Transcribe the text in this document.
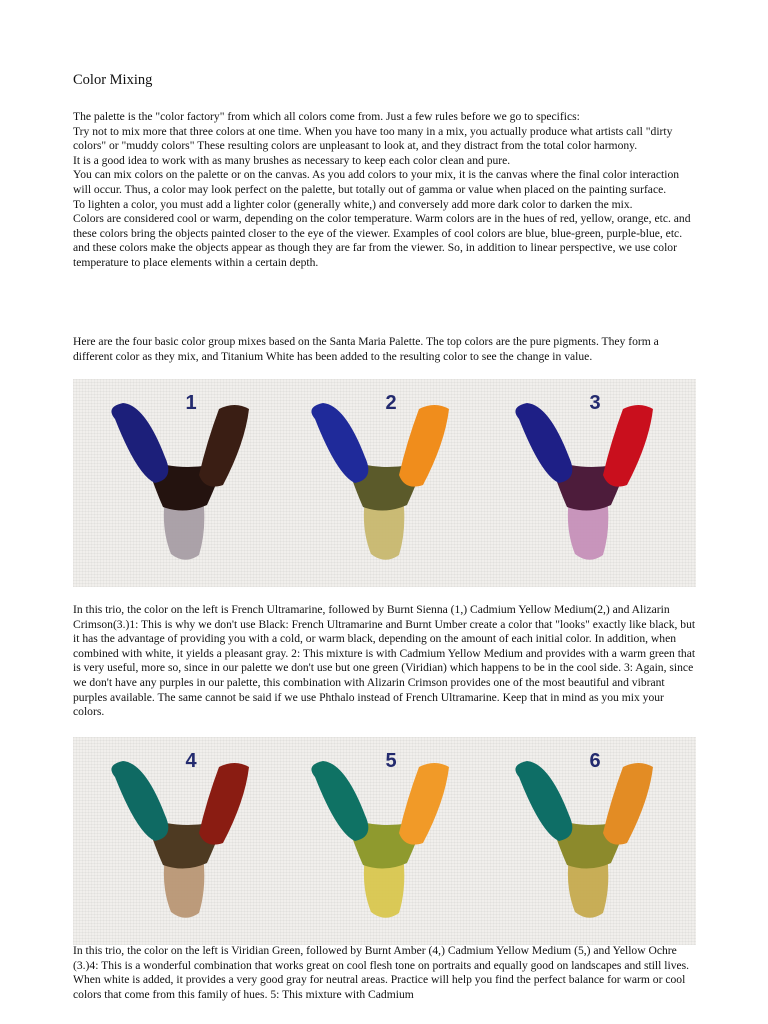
Color Mixing

The palette is the "color factory" from which all colors come from. Just a few rules before we go to specifics:

Try not to mix more that three colors at one time. When you have too many in a mix, you actually produce what artists call "dirty colors" or "muddy colors" These resulting colors are unpleasant to look at, and they distract from the total color harmony.

It is a good idea to work with as many brushes as necessary to keep each color clean and pure.

You can mix colors on the palette or on the canvas. As you add colors to your mix, it is the canvas where the final color interaction will occur. Thus, a color may look perfect on the palette, but totally out of gamma or value when placed on the painting surface.

To lighten a color, you must add a lighter color (generally white,) and conversely add more dark color to darken the mix.

Colors are considered cool or warm, depending on the color temperature. Warm colors are in the hues of red, yellow, orange, etc. and these colors bring the objects painted closer to the eye of the viewer. Examples of cool colors are blue, blue-green, purple-blue, etc. and these colors make the objects appear as though they are far from the viewer. So, in addition to linear perspective, we use color temperature to place elements within a certain depth.

Here are the four basic color group mixes based on the Santa Maria Palette. The top colors are the pure pigments. They form a different color as they mix, and Titanium White has been added to the resulting color to see the change in value.
1	2	3
In this trio, the color on the left is French Ultramarine, followed by Burnt Sienna (1,) Cadmium Yellow Medium(2,) and Alizarin Crimson(3.)1: This is why we don't use Black: French Ultramarine and Burnt Umber create a color that "looks" exactly like black, but it has the advantage of providing you with a cold, or warm black, depending on the amount of each initial color. In addition, when combined with white, it yields a pleasant gray. 2: This mixture is with Cadmium Yellow Medium and provides with a warm green that is very useful, more so, since in our palette we don't use but one green (Viridian) which happens to be in the cool side. 3: Again, since we don't have any purples in our palette, this combination with Alizarin Crimson provides one of the most beautiful and vibrant purples available. The same cannot be said if we use Phthalo instead of French Ultramarine. Keep that in mind as you mix your colors.
4	5	6
In this trio, the color on the left is Viridian Green, followed by Burnt Amber (4,) Cadmium Yellow Medium (5,) and Yellow Ochre (3.)4: This is a wonderful combination that works great on cool flesh tone on portraits and equally good on landscapes and still lives. When white is added, it provides a very good gray for neutral areas. Practice will help you find the perfect balance for warm or cool colors that come from this family of hues. 5: This mixture with Cadmium
